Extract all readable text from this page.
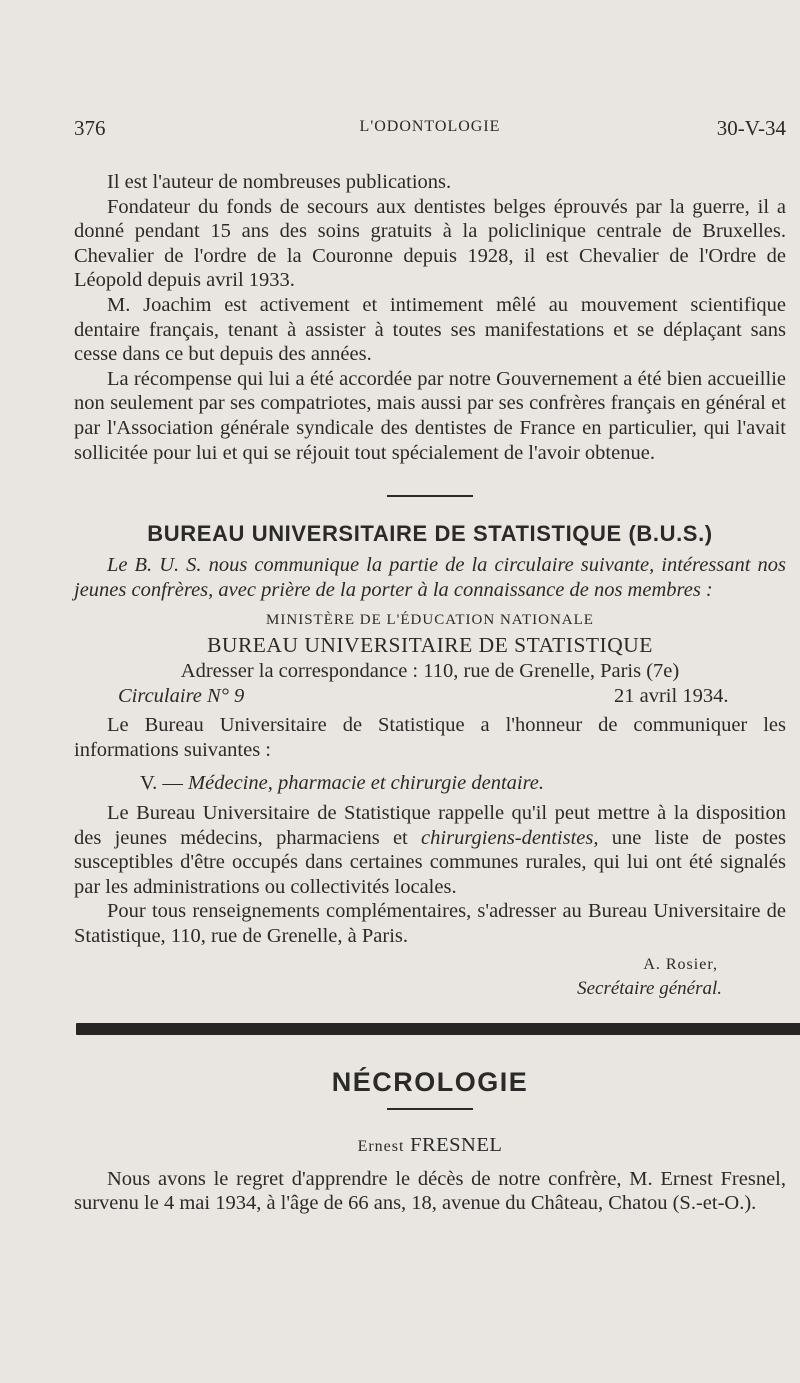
376	L'ODONTOLOGIE	30-V-34

Il est l'auteur de nombreuses publications.

Fondateur du fonds de secours aux dentistes belges éprouvés par la guerre, il a donné pendant 15 ans des soins gratuits à la policlinique centrale de Bruxelles. Chevalier de l'ordre de la Couronne depuis 1928, il est Chevalier de l'Ordre de Léopold depuis avril 1933.

M. Joachim est activement et intimement mêlé au mouvement scientifique dentaire français, tenant à assister à toutes ses manifestations et se déplaçant sans cesse dans ce but depuis des années.

La récompense qui lui a été accordée par notre Gouvernement a été bien accueillie non seulement par ses compatriotes, mais aussi par ses confrères français en général et par l'Association générale syndicale des dentistes de France en particulier, qui l'avait sollicitée pour lui et qui se réjouit tout spécialement de l'avoir obtenue.

BUREAU UNIVERSITAIRE DE STATISTIQUE (B.U.S.)

Le B. U. S. nous communique la partie de la circulaire suivante, intéressant nos jeunes confrères, avec prière de la porter à la connaissance de nos membres :

MINISTÈRE DE L'ÉDUCATION NATIONALE
BUREAU UNIVERSITAIRE DE STATISTIQUE
Adresser la correspondance : 110, rue de Grenelle, Paris (7e)
Circulaire N° 9	21 avril 1934.

Le Bureau Universitaire de Statistique a l'honneur de communiquer les informations suivantes :

V. — Médecine, pharmacie et chirurgie dentaire.

Le Bureau Universitaire de Statistique rappelle qu'il peut mettre à la disposition des jeunes médecins, pharmaciens et chirurgiens-dentistes, une liste de postes susceptibles d'être occupés dans certaines communes rurales, qui lui ont été signalés par les administrations ou collectivités locales.

Pour tous renseignements complémentaires, s'adresser au Bureau Universitaire de Statistique, 110, rue de Grenelle, à Paris.

A. Rosier,
Secrétaire général.
NÉCROLOGIE
Ernest FRESNEL

Nous avons le regret d'apprendre le décès de notre confrère, M. Ernest Fresnel, survenu le 4 mai 1934, à l'âge de 66 ans, 18, avenue du Château, Chatou (S.-et-O.).
